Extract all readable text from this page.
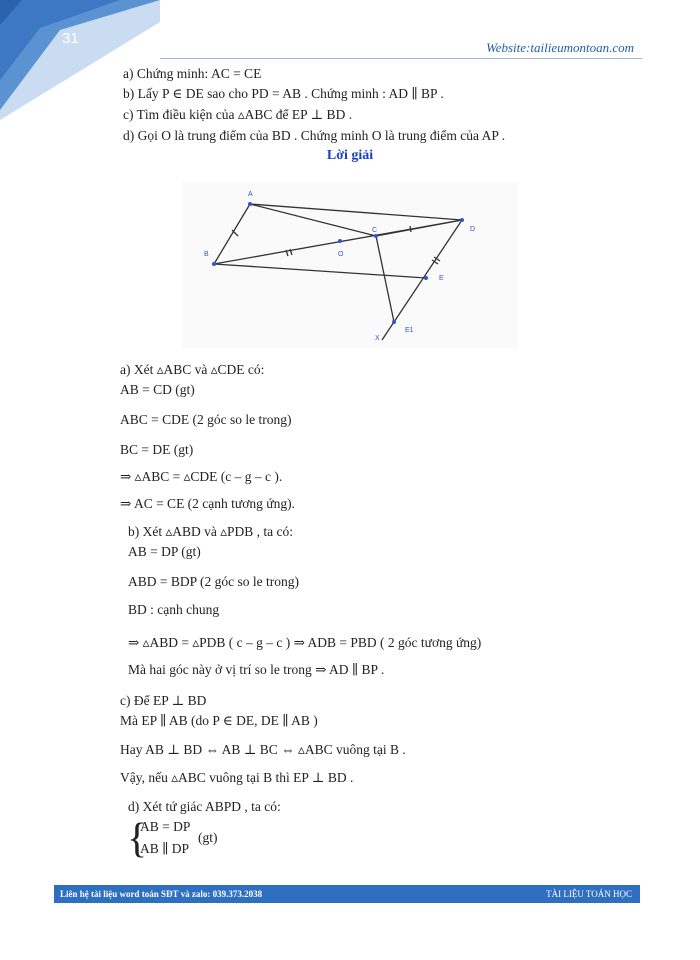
31
Website:tailieumontoan.com
a) Chứng minh: AC = CE
b) Lấy P ∈ DE sao cho PD = AB . Chứng minh : AD ∥ BP .
c) Tìm điều kiện của ▵ABC để EP ⊥ BD .
d) Gọi O là trung điểm của BD . Chứng minh O là trung điểm của AP .
Lời giải
A
D
C
B	O
E
E1
X
a) Xét ▵ABC và ▵CDE có:
AB = CD (gt)
ABC = CDE (2 góc so le trong)
BC = DE (gt)
⇒ ▵ABC = ▵CDE (c – g – c ).
⇒ AC = CE (2 cạnh tương ứng).
b) Xét ▵ABD và ▵PDB , ta có:
AB = DP (gt)
ABD = BDP (2 góc so le trong)
BD : cạnh chung
⇒ ▵ABD = ▵PDB ( c – g – c ) ⇒ ADB = PBD ( 2 góc tương ứng)
Mà hai góc này ở vị trí so le trong ⇒ AD ∥ BP .
c) Để EP ⊥ BD
Mà EP ∥ AB (do P ∈ DE, DE ∥ AB )
Hay AB ⊥ BD ⇔ AB ⊥ BC ⇔ ▵ABC vuông tại B .
Vậy, nếu ▵ABC vuông tại B thì EP ⊥ BD .
d) Xét tứ giác ABPD , ta có:
{
AB = DP
AB ∥ DP
(gt)
Liên hệ tài liệu word toán SĐT và zalo: 039.373.2038	TÀI LIỆU TOÁN HỌC
